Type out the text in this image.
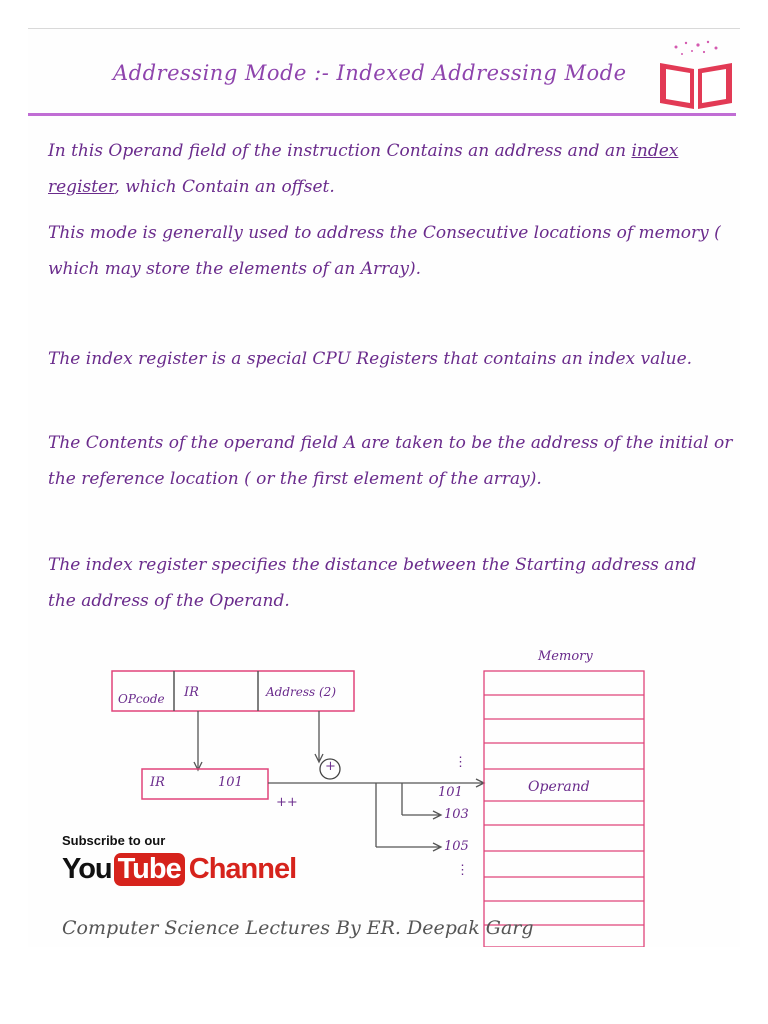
Addressing Mode :- Indexed Addressing Mode
In this Operand field of the instruction Contains an address and an index register, which Contain an offset.
This mode is generally used to address the Consecutive locations of memory ( which may store the elements of an Array).
The index register is a special CPU Registers that contains an index value.
The Contents of the operand field A are taken to be the address of the initial or the reference location ( or the first element of the array).
The index register specifies the distance between the Starting address and the address of the Operand.
OPcode IR	Address (2)
IR	101
++
+
Memory
Operand
101
103
105
⋮
⋮
Subscribe to our
You Tube Channel
Computer Science Lectures By ER. Deepak Garg
